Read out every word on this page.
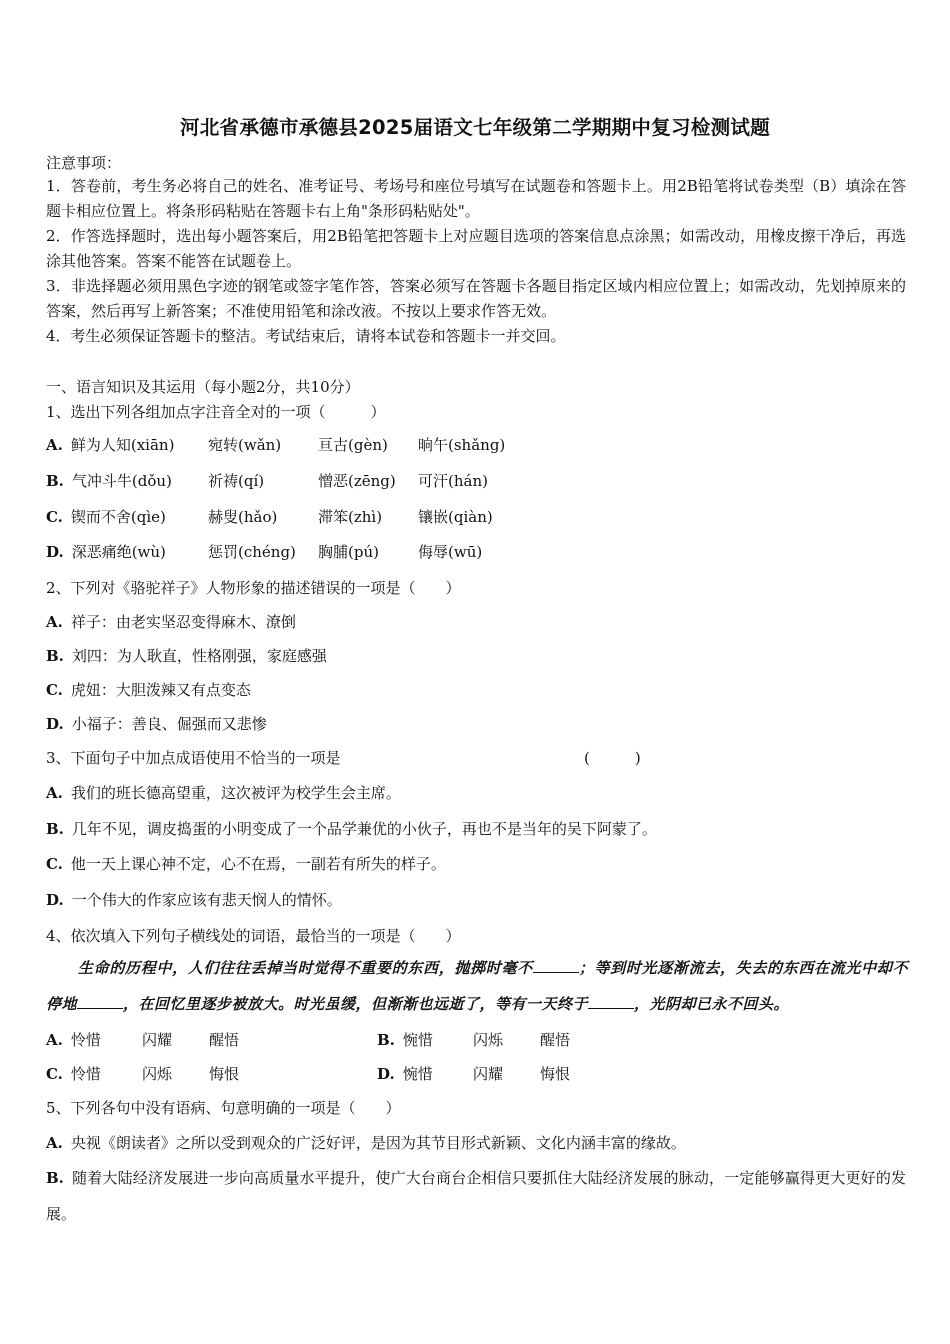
河北省承德市承德县2025届语文七年级第二学期期中复习检测试题
注意事项：
1．答卷前，考生务必将自己的姓名、准考证号、考场号和座位号填写在试题卷和答题卡上。用2B铅笔将试卷类型（B）填涂在答题卡相应位置上。将条形码粘贴在答题卡右上角"条形码粘贴处"。
2．作答选择题时，选出每小题答案后，用2B铅笔把答题卡上对应题目选项的答案信息点涂黑；如需改动，用橡皮擦干净后，再选涂其他答案。答案不能答在试题卷上。
3．非选择题必须用黑色字迹的钢笔或签字笔作答，答案必须写在答题卡各题目指定区域内相应位置上；如需改动，先划掉原来的答案，然后再写上新答案；不准使用铅笔和涂改液。不按以上要求作答无效。
4．考生必须保证答题卡的整洁。考试结束后，请将本试卷和答题卡一并交回。
一、语言知识及其运用（每小题2分，共10分）
1、选出下列各组加点字注音全对的一项（　　　）
A. 鲜为人知(xiān) 宛转(wǎn) 亘古(gèn) 晌午(shǎng)
B. 气冲斗牛(dǒu) 祈祷(qí)	憎恶(zēng) 可汗(hán)
C. 锲而不舍(qìe)	赫叟(hǎo)	滞笨(zhì) 镶嵌(qiàn)
D. 深恶痛绝(wù)	惩罚(chéng) 胸脯(pú)	侮辱(wū)
2、下列对《骆驼祥子》人物形象的描述错误的一项是（　　）
A. 祥子：由老实坚忍变得麻木、潦倒
B. 刘四：为人耿直，性格刚强，家庭感强
C. 虎妞：大胆泼辣又有点变态
D. 小福子：善良、倔强而又悲惨
3、下面句子中加点成语使用不恰当的一项是	(　　　)
A. 我们的班长德高望重，这次被评为校学生会主席。
B. 几年不见，调皮捣蛋的小明变成了一个品学兼优的小伙子，再也不是当年的吴下阿蒙了。
C. 他一天上课心神不定，心不在焉，一副若有所失的样子。
D. 一个伟大的作家应该有悲天悯人的情怀。
4、依次填入下列句子横线处的词语，最恰当的一项是（　　）
生命的历程中，人们往往丢掉当时觉得不重要的东西，抛掷时毫不	；等到时光逐渐流去，失去的东西在流光中却不停地	，在回忆里逐步被放大。时光虽缓，但渐渐也远逝了，等有一天终于	，光阴却已永不回头。
A. 怜惜	闪耀 醒悟	B. 惋惜	闪烁 醒悟
C. 怜惜	闪烁 悔恨	D. 惋惜	闪耀 悔恨
5、下列各句中没有语病、句意明确的一项是（　　）
A. 央视《朗读者》之所以受到观众的广泛好评，是因为其节目形式新颖、文化内涵丰富的缘故。
B. 随着大陆经济发展进一步向高质量水平提升，使广大台商台企相信只要抓住大陆经济发展的脉动，一定能够赢得更大更好的发展。
